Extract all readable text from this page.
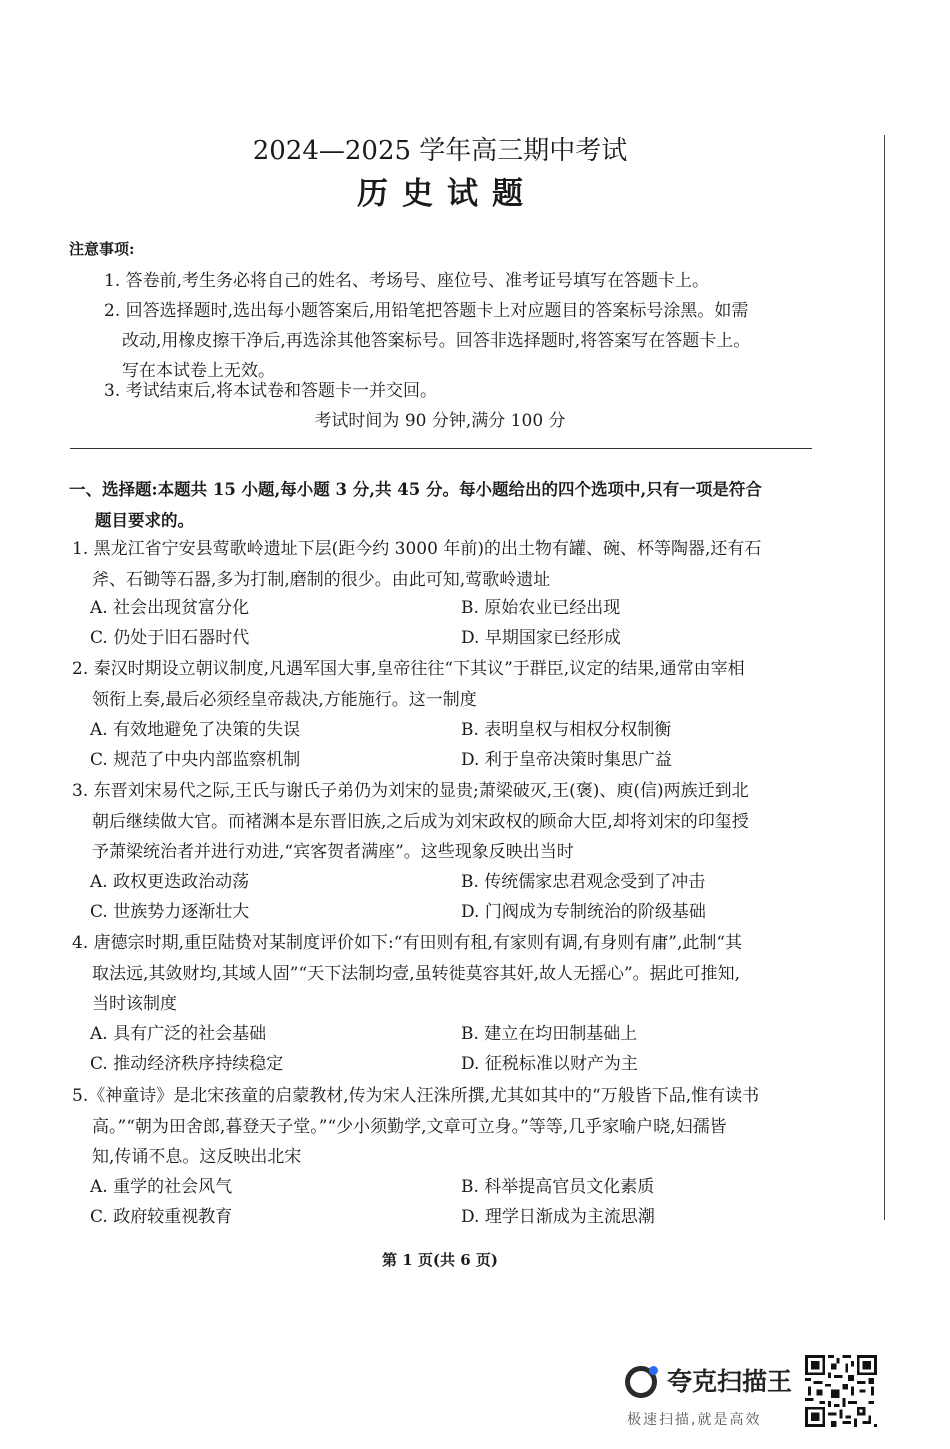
2024—2025 学年高三期中考试
历史试题
注意事项:
1. 答卷前,考生务必将自己的姓名、考场号、座位号、准考证号填写在答题卡上。
2. 回答选择题时,选出每小题答案后,用铅笔把答题卡上对应题目的答案标号涂黑。如需
改动,用橡皮擦干净后,再选涂其他答案标号。回答非选择题时,将答案写在答题卡上。
写在本试卷上无效。
3. 考试结束后,将本试卷和答题卡一并交回。
考试时间为 90 分钟,满分 100 分
一、选择题:本题共 15 小题,每小题 3 分,共 45 分。每小题给出的四个选项中,只有一项是符合
题目要求的。
1. 黑龙江省宁安县莺歌岭遗址下层(距今约 3000 年前)的出土物有罐、碗、杯等陶器,还有石
斧、石锄等石器,多为打制,磨制的很少。由此可知,莺歌岭遗址
A. 社会出现贫富分化	B. 原始农业已经出现
C. 仍处于旧石器时代	D. 早期国家已经形成
2. 秦汉时期设立朝议制度,凡遇军国大事,皇帝往往“下其议”于群臣,议定的结果,通常由宰相
领衔上奏,最后必须经皇帝裁决,方能施行。这一制度
A. 有效地避免了决策的失误	B. 表明皇权与相权分权制衡
C. 规范了中央内部监察机制	D. 利于皇帝决策时集思广益
3. 东晋刘宋易代之际,王氏与谢氏子弟仍为刘宋的显贵;萧梁破灭,王(褒)、庾(信)两族迁到北
朝后继续做大官。而褚渊本是东晋旧族,之后成为刘宋政权的顾命大臣,却将刘宋的印玺授
予萧梁统治者并进行劝进,“宾客贺者满座”。这些现象反映出当时
A. 政权更迭政治动荡	B. 传统儒家忠君观念受到了冲击
C. 世族势力逐渐壮大	D. 门阀成为专制统治的阶级基础
4. 唐德宗时期,重臣陆贽对某制度评价如下:“有田则有租,有家则有调,有身则有庸”,此制“其
取法远,其敛财均,其域人固”“天下法制均壹,虽转徙莫容其奸,故人无摇心”。据此可推知,
当时该制度
A. 具有广泛的社会基础	B. 建立在均田制基础上
C. 推动经济秩序持续稳定	D. 征税标准以财产为主
5.《神童诗》是北宋孩童的启蒙教材,传为宋人汪洙所撰,尤其如其中的“万般皆下品,惟有读书
高。”“朝为田舍郎,暮登天子堂。”“少小须勤学,文章可立身。”等等,几乎家喻户晓,妇孺皆
知,传诵不息。这反映出北宋
A. 重学的社会风气	B. 科举提高官员文化素质
C. 政府较重视教育	D. 理学日渐成为主流思潮
第 1 页(共 6 页)
夸克扫描王
极速扫描,就是高效
